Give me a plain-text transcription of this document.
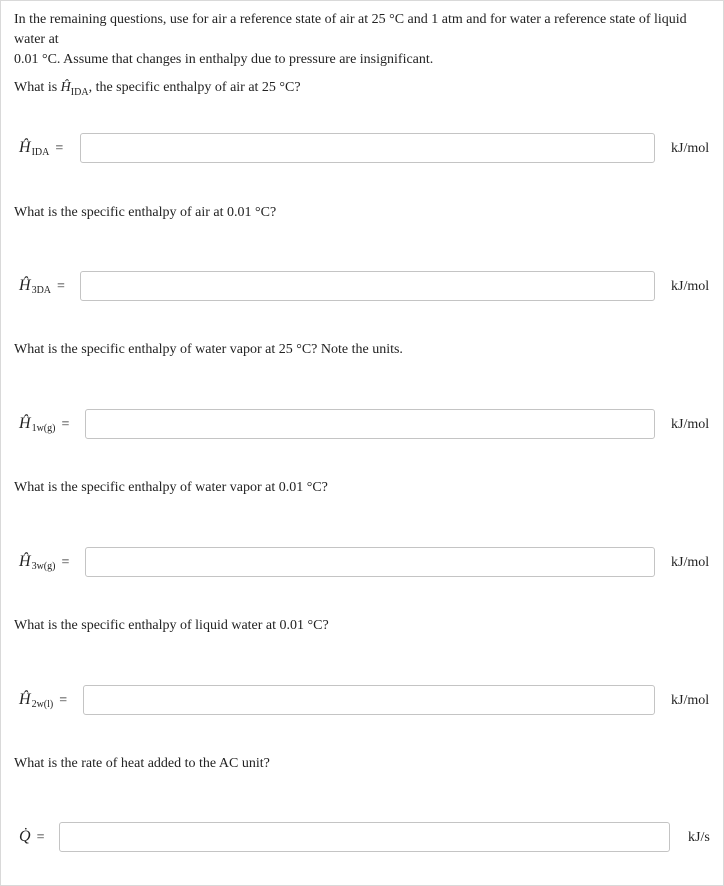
In the remaining questions, use for air a reference state of air at 25 °C and 1 atm and for water a reference state of liquid water at
0.01 °C. Assume that changes in enthalpy due to pressure are insignificant.
What is $Ĥ_{IDA}$, the specific enthalpy of air at 25 °C?
$Ĥ_{IDA}$ =	kJ/mol
What is the specific enthalpy of air at 0.01 °C?
$Ĥ_{3DA}$ =	kJ/mol
What is the specific enthalpy of water vapor at 25 °C? Note the units.
$Ĥ_{1w(g)}$ =	kJ/mol
What is the specific enthalpy of water vapor at 0.01 °C?
$Ĥ_{3w(g)}$ =	kJ/mol
What is the specific enthalpy of liquid water at 0.01 °C?
$Ĥ_{2w(l)}$ =	kJ/mol
What is the rate of heat added to the AC unit?
Q̇ =	kJ/s
